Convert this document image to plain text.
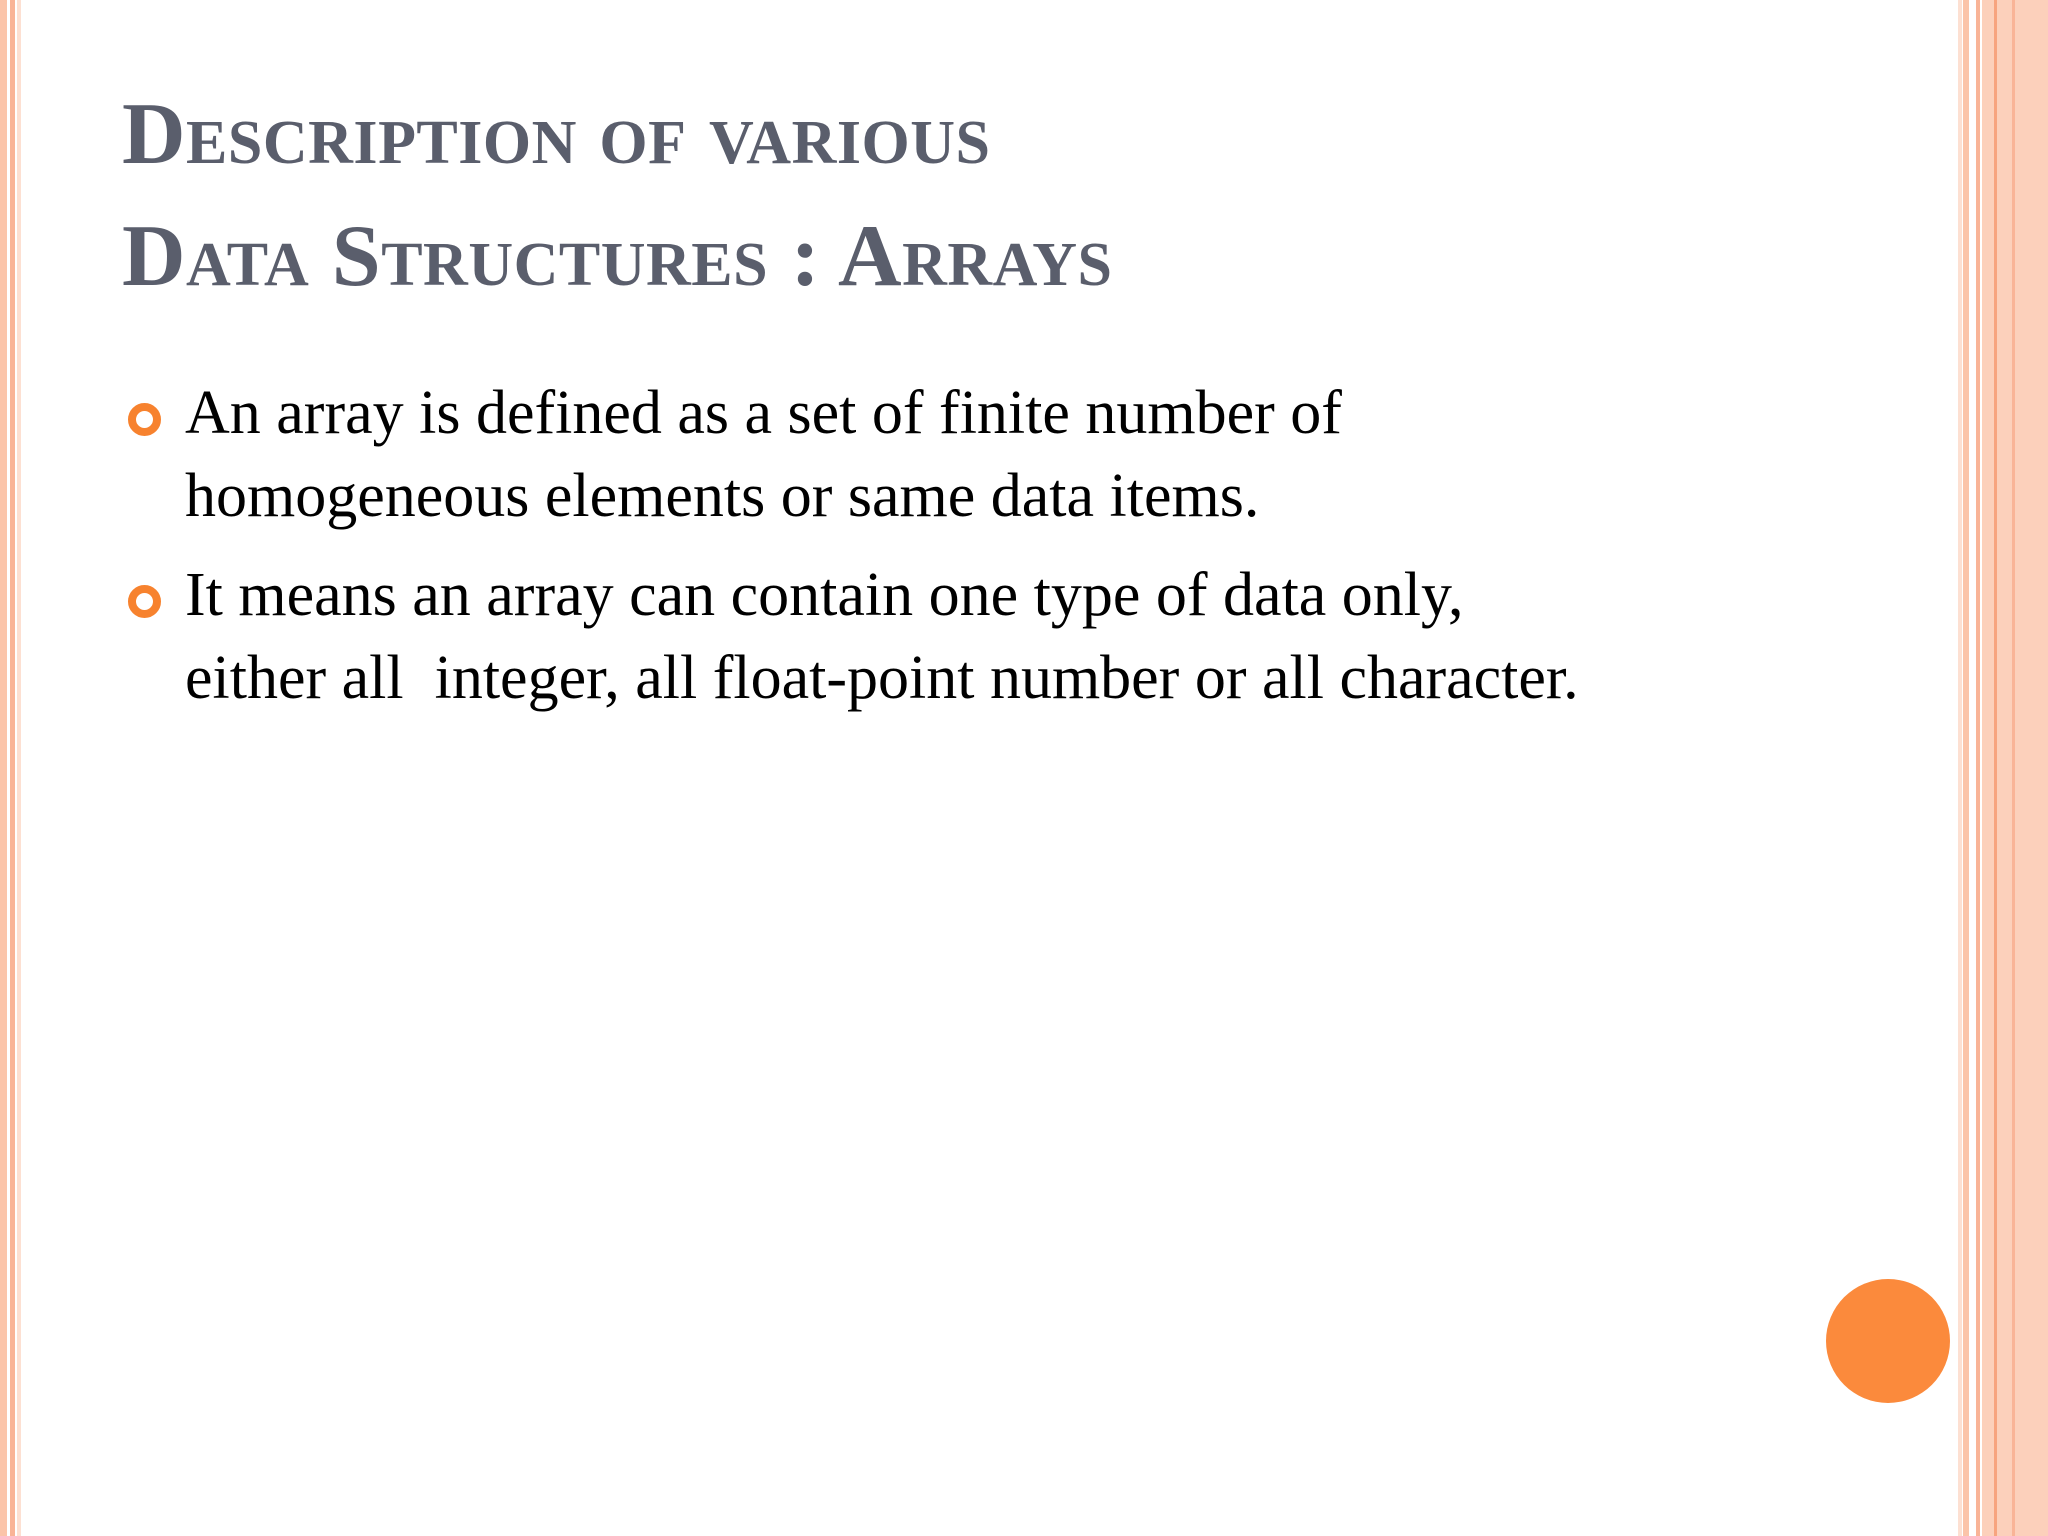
Description of various
Data Structures : Arrays
An array is defined as a set of finite number of
homogeneous elements or same data items.
It means an array can contain one type of data only,
either all  integer, all float-point number or all character.
